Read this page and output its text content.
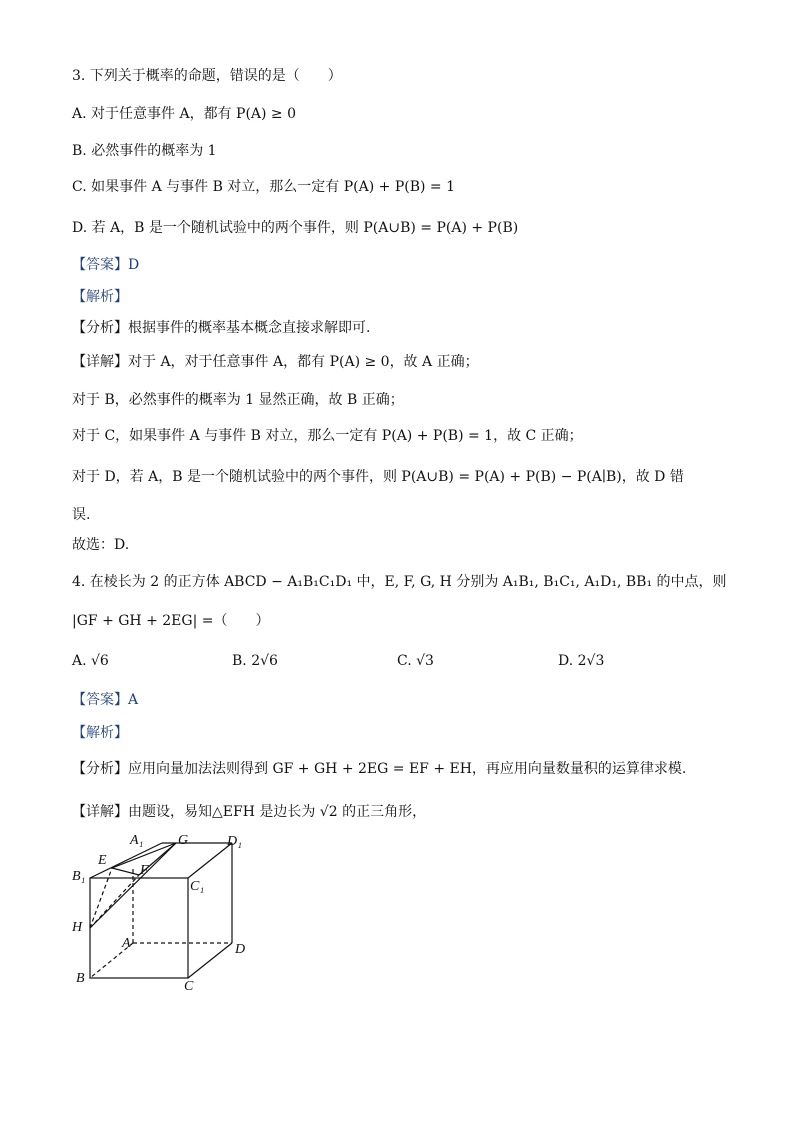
3. 下列关于概率的命题，错误的是（　　）
A. 对于任意事件 A，都有 P(A) ≥ 0
B. 必然事件的概率为 1
C. 如果事件 A 与事件 B 对立，那么一定有 P(A) + P(B) = 1
D. 若 A，B 是一个随机试验中的两个事件，则 P(A∪B) = P(A) + P(B)
【答案】D
【解析】
【分析】根据事件的概率基本概念直接求解即可.
【详解】对于 A，对于任意事件 A，都有 P(A) ≥ 0，故 A 正确；
对于 B，必然事件的概率为 1 显然正确，故 B 正确；
对于 C，如果事件 A 与事件 B 对立，那么一定有 P(A) + P(B) = 1，故 C 正确；
对于 D，若 A，B 是一个随机试验中的两个事件，则 P(A∪B) = P(A) + P(B) − P(A∣B)，故 D 错
误.
故选：D.
4. 在棱长为 2 的正方体 ABCD − A₁B₁C₁D₁ 中，E, F, G, H 分别为 A₁B₁, B₁C₁, A₁D₁, BB₁ 的中点，则
|GF + GH + 2EG| =（　　）
A. √6	B. 2√6	C. √3	D. 2√3
【答案】A
【解析】
【分析】应用向量加法法则得到 GF + GH + 2EG = EF + EH，再应用向量数量积的运算律求模.
【详解】由题设，易知△EFH 是边长为 √2 的正三角形，
A₁ G	D₁
E
F
B₁
C₁
H
A	D
B
C
